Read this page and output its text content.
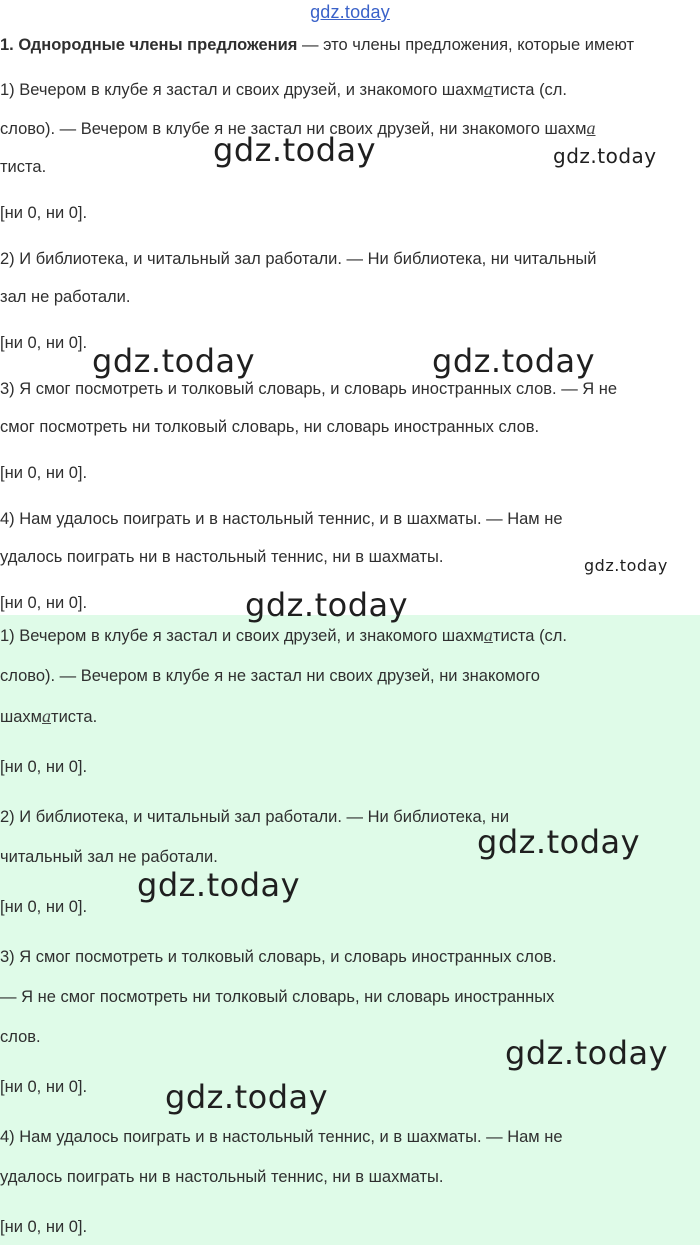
gdz.today
1. Однородные члены предложения — это члены предложения, которые имеют

1) Вечером в клубе я застал и своих друзей, и знакомого шахматиста (сл.

слово). — Вечером в клубе я не застал ни своих друзей, ни знакомого шахма

тиста.

[ни 0, ни 0].

2) И библиотека, и читальный зал работали. — Ни библиотека, ни читальный

зал не работали.

[ни 0, ни 0].

3) Я смог посмотреть и толковый словарь, и словарь иностранных слов. — Я не

смог посмотреть ни толковый словарь, ни словарь иностранных слов.

[ни 0, ни 0].

4) Нам удалось поиграть и в настольный теннис, и в шахматы. — Нам не

удалось поиграть ни в настольный теннис, ни в шахматы.

[ни 0, ни 0].

1) Вечером в клубе я застал и своих друзей, и знакомого шахматиста (сл.

слово). — Вечером в клубе я не застал ни своих друзей, ни знакомого

шахматиста.

[ни 0, ни 0].

2) И библиотека, и читальный зал работали. — Ни библиотека, ни

читальный зал не работали.

[ни 0, ни 0].

3) Я смог посмотреть и толковый словарь, и словарь иностранных слов.

— Я не смог посмотреть ни толковый словарь, ни словарь иностранных

слов.

[ни 0, ни 0].

4) Нам удалось поиграть и в настольный теннис, и в шахматы. — Нам не

удалось поиграть ни в настольный теннис, ни в шахматы.

[ни 0, ни 0].

gdz.today	gdz.today
gdz.today	gdz.today
gdz.today
gdz.today
gdz.today
gdz.today
gdz.today
gdz.today
